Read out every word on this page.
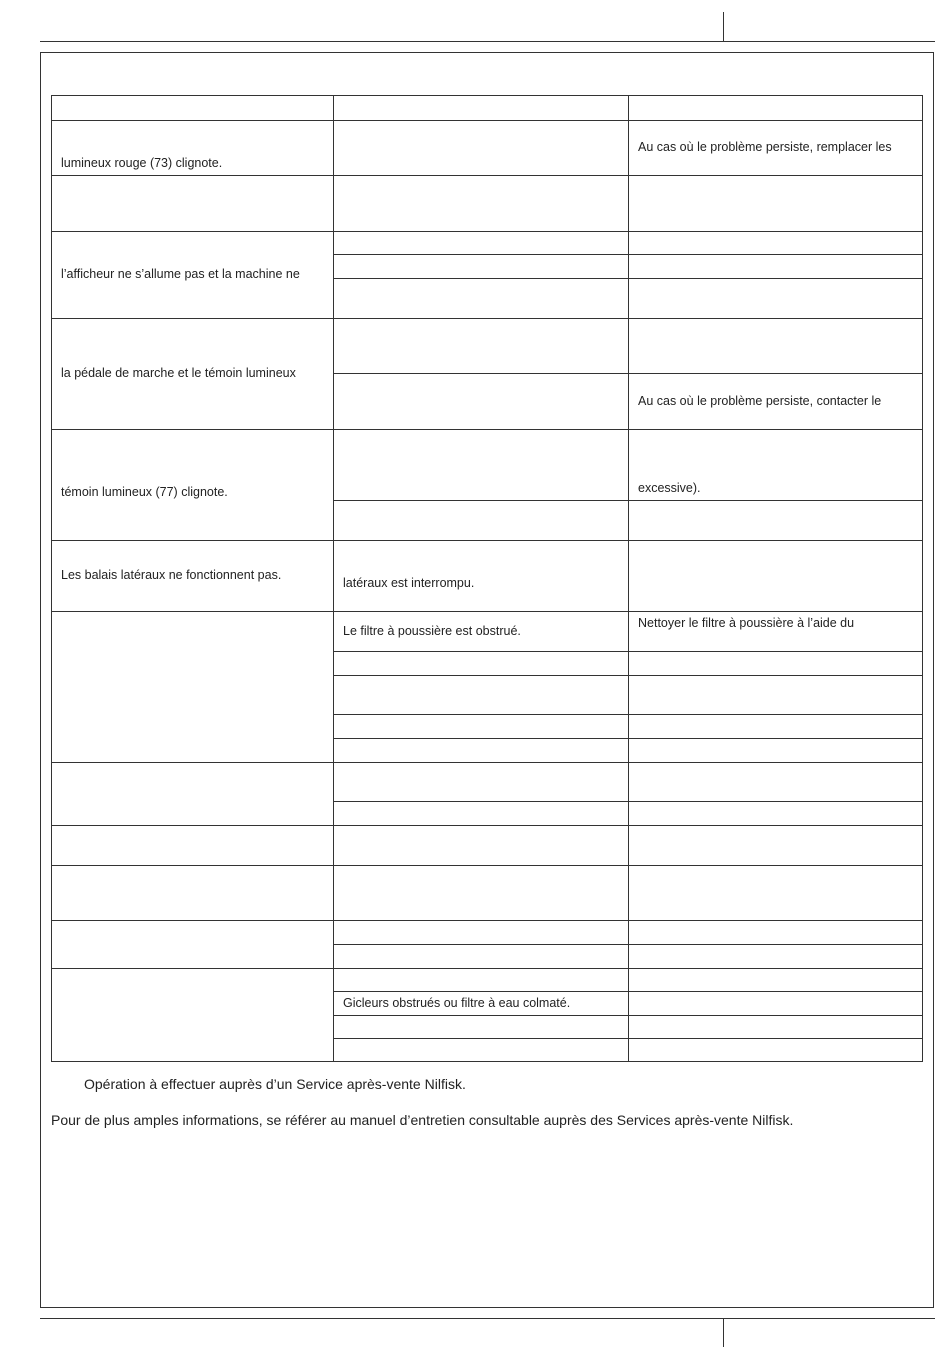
lumineux rouge (73) clignote.
Au cas où le problème persiste, remplacer les
l’afficheur ne s’allume pas et la machine ne
la pédale de marche et le témoin lumineux
Au cas où le problème persiste, contacter le
témoin lumineux (77) clignote.	excessive).
Les balais latéraux ne fonctionnent pas.
latéraux est interrompu.
Le filtre à poussière est obstrué.
Nettoyer le filtre à poussière à l’aide du
Gicleurs obstrués ou filtre à eau colmaté.
Opération à effectuer auprès d’un Service après-vente Nilfisk.
Pour de plus amples informations, se référer au manuel d’entretien consultable auprès des Services après-vente Nilfisk.
